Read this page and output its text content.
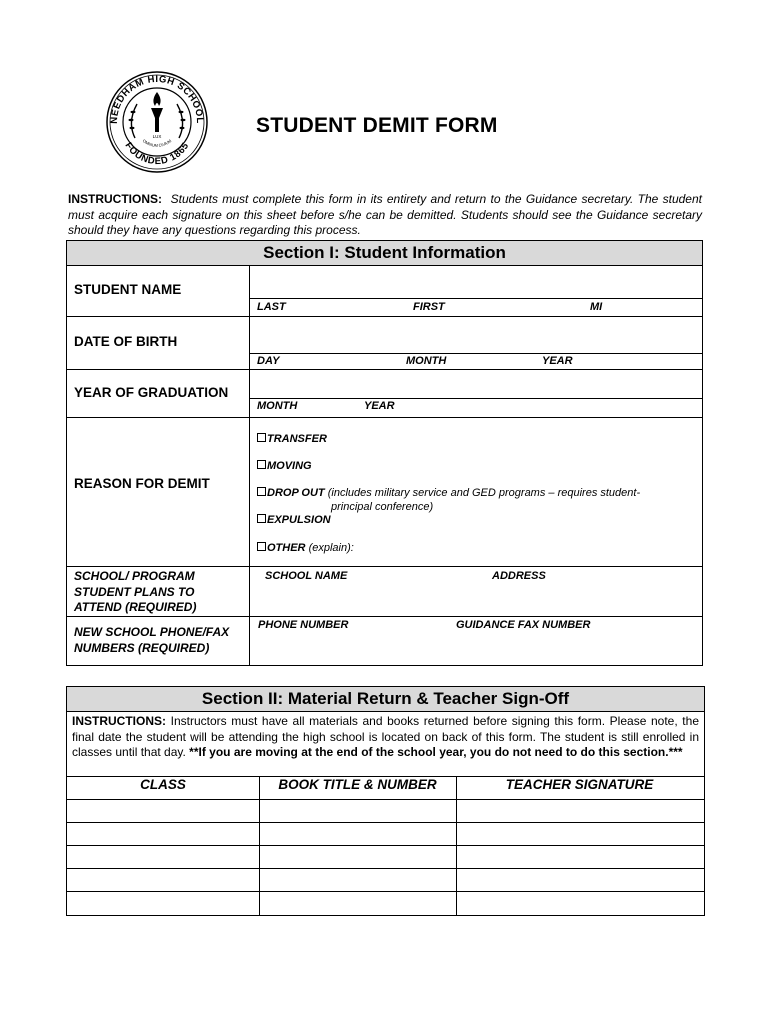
NEEDHAM HIGH SCHOOL
FOUNDED 1865
OMNIUM CIVIUM
LUX	STUDENT DEMIT FORM
INSTRUCTIONS: Students must complete this form in its entirety and return to the Guidance secretary. The student must acquire each signature on this sheet before s/he can be demitted. Students should see the Guidance secretary should they have any questions regarding this process.
Section I: Student Information
STUDENT NAME
LAST	FIRST	MI
DATE OF BIRTH
DAY	MONTH	YEAR
YEAR OF GRADUATION
MONTH	YEAR
REASON FOR DEMIT
TRANSFER
MOVING
DROP OUT (includes military service and GED programs – requires student-
principal conference)
EXPULSION
OTHER (explain):
SCHOOL/ PROGRAM
STUDENT PLANS TO
ATTEND (REQUIRED)
SCHOOL NAME	ADDRESS
NEW SCHOOL PHONE/FAX
NUMBERS (REQUIRED)
PHONE NUMBER	GUIDANCE FAX NUMBER
Section II: Material Return & Teacher Sign-Off
INSTRUCTIONS: Instructors must have all materials and books returned before signing this form. Please note, the final date the student will be attending the high school is located on back of this form. The student is still enrolled in classes until that day. **If you are moving at the end of the school year, you do not need to do this section.***
CLASS	BOOK TITLE & NUMBER	TEACHER SIGNATURE
